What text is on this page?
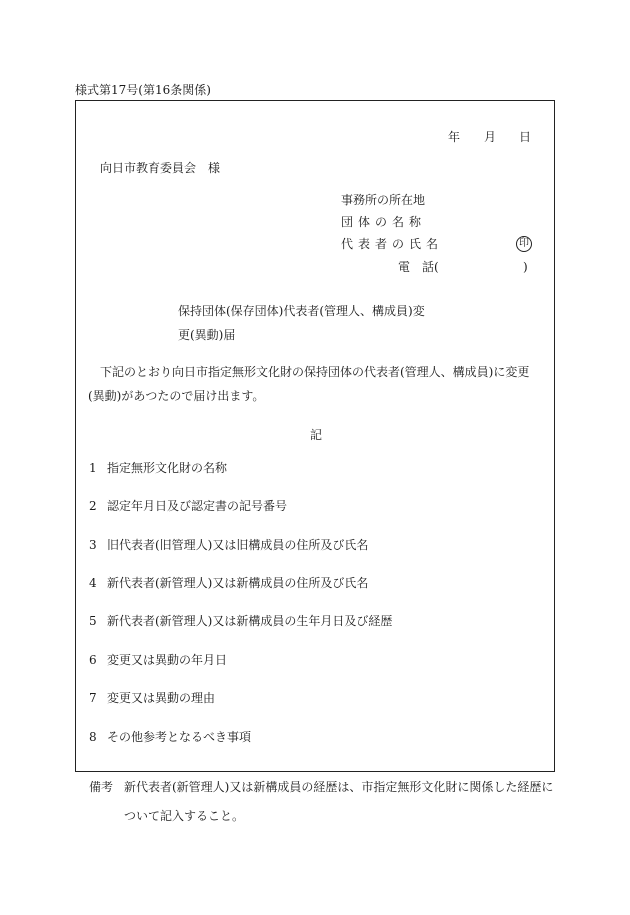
様式第17号(第16条関係)
年 月 日
向日市教育委員会　様
事務所の所在地
団体の名称
代表者の氏名	印
電　話(	)
保持団体(保存団体)代表者(管理人、構成員)変
更(異動)届
下記のとおり向日市指定無形文化財の保持団体の代表者(管理人、構成員)に変更
(異動)があつたので届け出ます。
記
1 指定無形文化財の名称
2 認定年月日及び認定書の記号番号
3 旧代表者(旧管理人)又は旧構成員の住所及び氏名
4 新代表者(新管理人)又は新構成員の住所及び氏名
5 新代表者(新管理人)又は新構成員の生年月日及び経歴
6 変更又は異動の年月日
7 変更又は異動の理由
8 その他参考となるべき事項
備考 新代表者(新管理人)又は新構成員の経歴は、市指定無形文化財に関係した経歴に
ついて記入すること。
